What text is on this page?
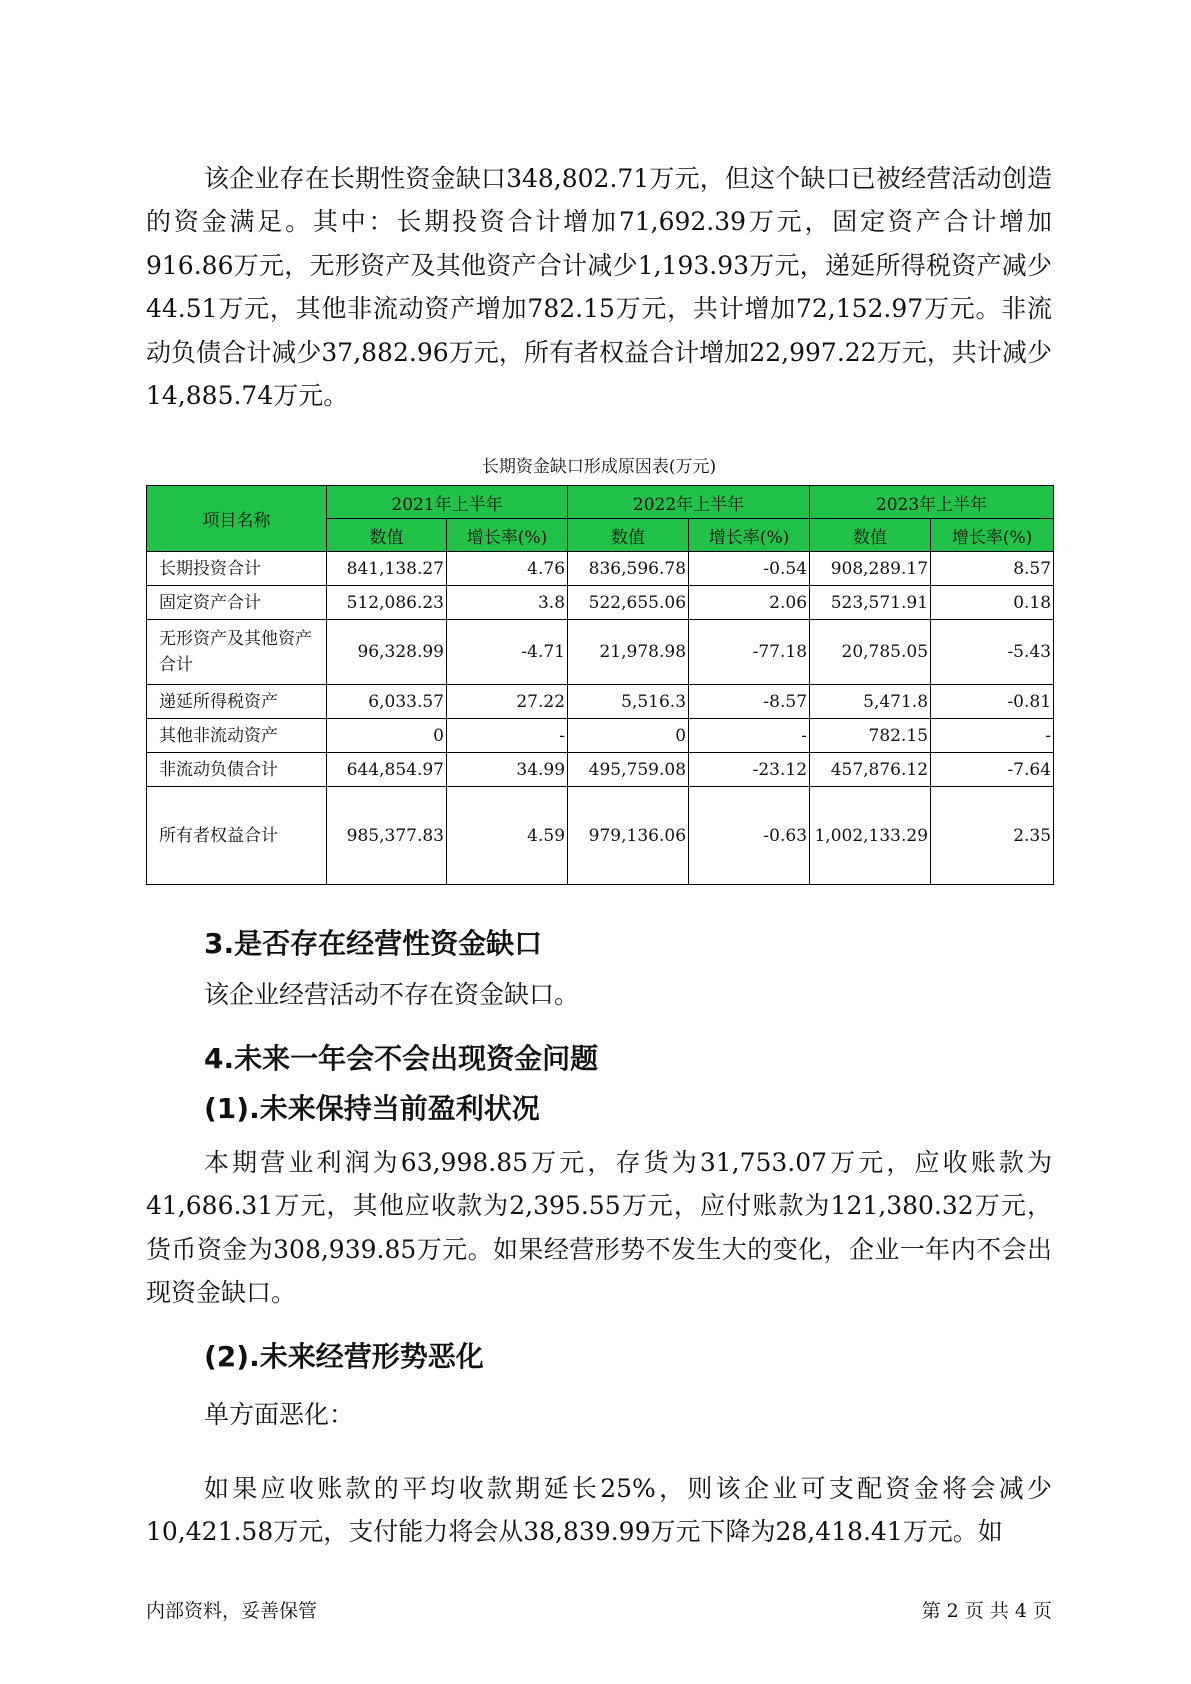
该企业存在长期性资金缺口348,802.71万元，但这个缺口已被经营活动创造的资金满足。其中：长期投资合计增加71,692.39万元，固定资产合计增加916.86万元，无形资产及其他资产合计减少1,193.93万元，递延所得税资产减少44.51万元，其他非流动资产增加782.15万元，共计增加72,152.97万元。非流动负债合计减少37,882.96万元，所有者权益合计增加22,997.22万元，共计减少14,885.74万元。

长期资金缺口形成原因表(万元)

项目名称	2021年上半年		2022年上半年		2023年上半年	
	数值	增长率(%)	数值	增长率(%)	数值	增长率(%)
长期投资合计	841,138.27	4.76	836,596.78	-0.54	908,289.17	8.57
固定资产合计	512,086.23	3.8	522,655.06	2.06	523,571.91	0.18
无形资产及其他资产合计	96,328.99	-4.71	21,978.98	-77.18	20,785.05	-5.43
递延所得税资产	6,033.57	27.22	5,516.3	-8.57	5,471.8	-0.81
其他非流动资产	0	-	0	-	782.15	-
非流动负债合计	644,854.97	34.99	495,759.08	-23.12	457,876.12	-7.64
所有者权益合计	985,377.83	4.59	979,136.06	-0.63	1,002,133.29	2.35
3.是否存在经营性资金缺口

该企业经营活动不存在资金缺口。

4.未来一年会不会出现资金问题
(1).未来保持当前盈利状况

本期营业利润为63,998.85万元，存货为31,753.07万元，应收账款为41,686.31万元，其他应收款为2,395.55万元，应付账款为121,380.32万元，货币资金为308,939.85万元。如果经营形势不发生大的变化，企业一年内不会出现资金缺口。

(2).未来经营形势恶化

单方面恶化：

如果应收账款的平均收款期延长25%，则该企业可支配资金将会减少10,421.58万元，支付能力将会从38,839.99万元下降为28,418.41万元。如

内部资料，妥善保管	第 2 页 共 4 页
